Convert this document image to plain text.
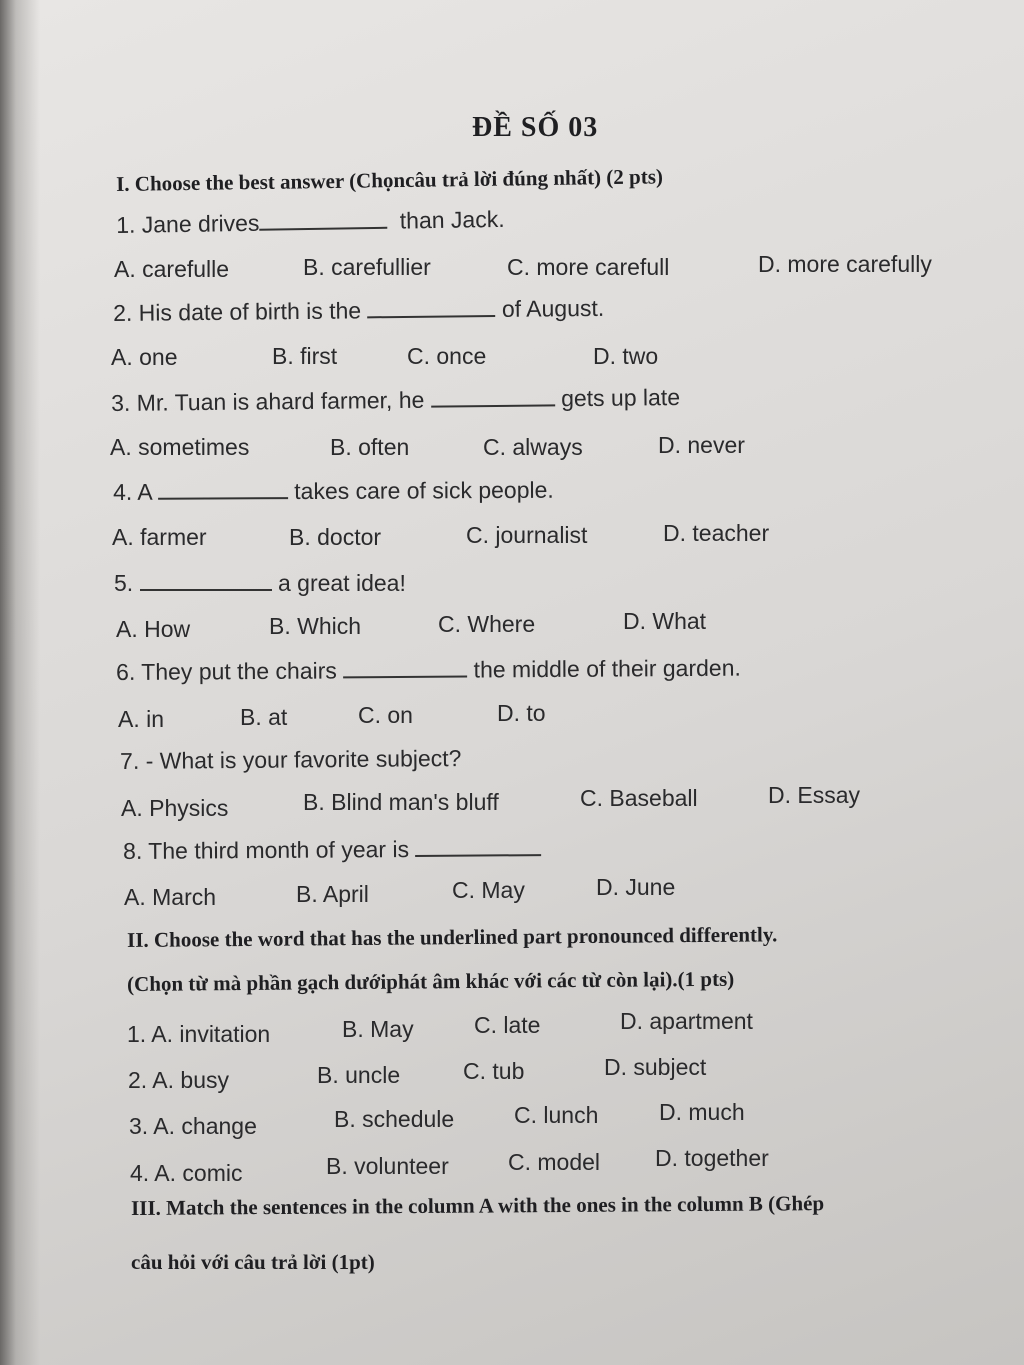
ĐỀ SỐ 03
I. Choose the best answer (Chọncâu trả lời đúng nhất) (2 pts)
1. Jane drives	than Jack.
A. carefulle	B. carefullier	C. more carefull	D. more carefully
2. His date of birth is the	of August.
A. one	B. first	C. once	D. two
3. Mr. Tuan is ahard farmer, he	gets up late
A. sometimes	B. often	C. always	D. never
4. A	takes care of sick people.
A. farmer	B. doctor	C. journalist	D. teacher
5.	a great idea!
A. How	B. Which	C. Where	D. What
6. They put the chairs	the middle of their garden.
A. in	B. at	C. on	D. to
7. - What is your favorite subject?
A. Physics	B. Blind man's bluff	C. Baseball	D. Essay
8. The third month of year is
A. March	B. April	C. May	D. June
II. Choose the word that has the underlined part pronounced differently.
(Chọn từ mà phần gạch dướiphát âm khác với các từ còn lại).(1 pts)
1. A. invitation	B. May	C. late	D. apartment
2. A. busy	B. uncle	C. tub	D. subject
3. A. change	B. schedule	C. lunch	D. much
4. A. comic	B. volunteer	C. model D. together
III. Match the sentences in the column A with the ones in the column B (Ghép
câu hỏi với câu trả lời (1pt)
